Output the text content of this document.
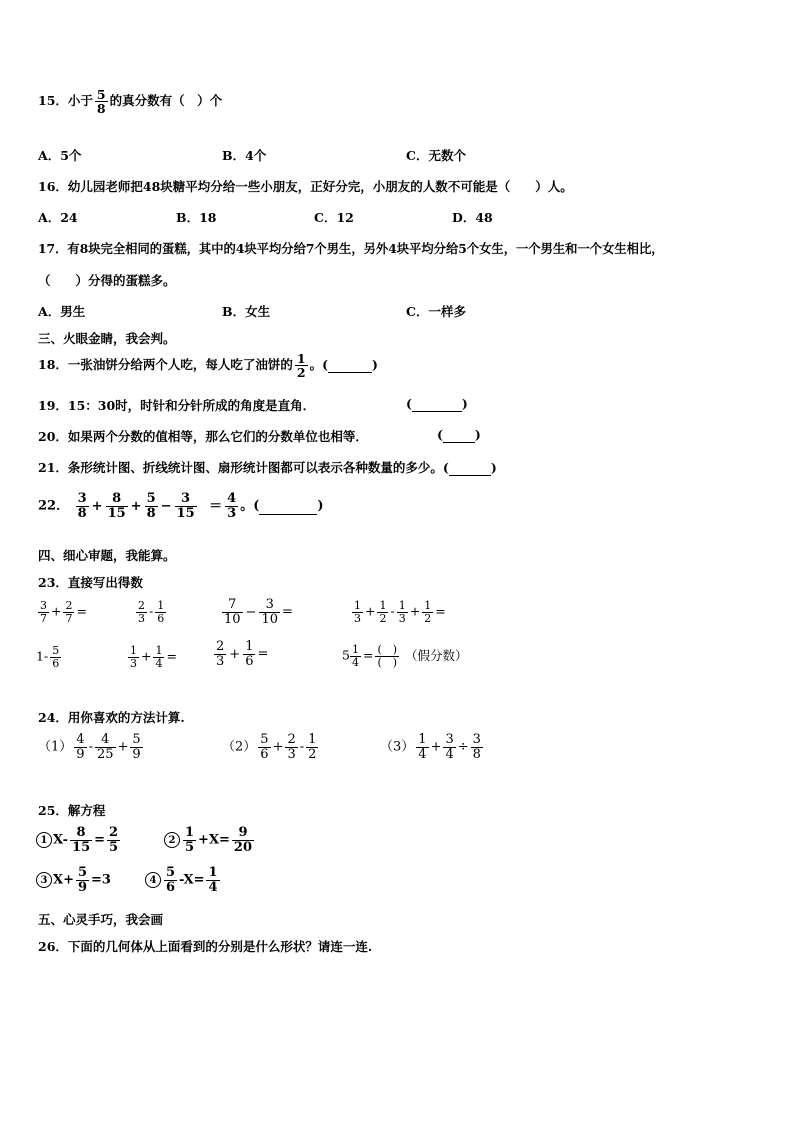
15．小于 $\frac{5}{8}$ 的真分数有（　）个
A．5个	B．4个	C．无数个
16．幼儿园老师把48块糖平均分给一些小朋友，正好分完，小朋友的人数不可能是（　　）人。
A．24	B．18	C．12	D．48
17．有8块完全相同的蛋糕，其中的4块平均分给7个男生，另外4块平均分给5个女生，一个男生和一个女生相比，
（　　）分得的蛋糕多。
A．男生	B．女生	C．一样多
三、火眼金睛，我会判。
18．一张油饼分给两个人吃，每人吃了油饼的 $\frac{1}{2}$ 。(	)
19．15：30时，时针和分针所成的角度是直角．	(	)
20．如果两个分数的值相等，那么它们的分数单位也相等．	(	)
21．条形统计图、折线统计图、扇形统计图都可以表示各种数量的多少。(	)
22． $\frac{3}{8} + \frac{8}{15} + \frac{5}{8} - \frac{3}{15} = \frac{4}{3}$ 。(	)
四、细心审题，我能算。
23．直接写出得数
$\frac{3}{7} + \frac{2}{7}$ =	$\frac{2}{3} - \frac{1}{6}$	$\frac{7}{10} - \frac{3}{10}$ =	$\frac{1}{3} + \frac{1}{2} - \frac{1}{3} + \frac{1}{2}$ =
$1- \frac{5}{6}$	$\frac{1}{3} + \frac{1}{4}$ =	$\frac{2}{3} + \frac{1}{6}$ =	$5 \frac{1}{4} = \frac{( )}{( )}$ （假分数）
24．用你喜欢的方法计算.
$(1) \frac{4}{9} - \frac{4}{25} + \frac{5}{9}$	$(2) \frac{5}{6} + \frac{2}{3} - \frac{1}{2}$	$(3) \frac{1}{4} + \frac{3}{4} \div \frac{3}{8}$
25．解方程
1 $X- \frac{8}{15} = \frac{2}{5}$	$2 \frac{1}{5} +X= \frac{9}{20}$
3 $X+ \frac{5}{9} =3$	$4 \frac{5}{6} -X= \frac{1}{4}$
五、心灵手巧，我会画
26．下面的几何体从上面看到的分别是什么形状？请连一连.
